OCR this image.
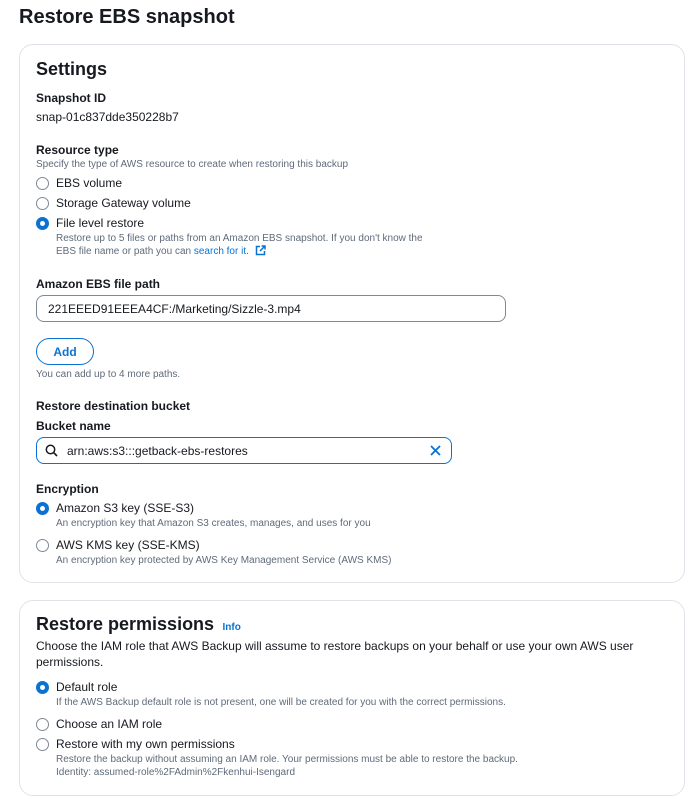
Restore EBS snapshot
Settings
Snapshot ID
snap-01c837dde350228b7
Resource type
Specify the type of AWS resource to create when restoring this backup
EBS volume
Storage Gateway volume
File level restore
Restore up to 5 files or paths from an Amazon EBS snapshot. If you don't know the
EBS file name or path you can search for it.
Amazon EBS file path
221EEED91EEEA4CF:/Marketing/Sizzle-3.mp4
Add
You can add up to 4 more paths.
Restore destination bucket
Bucket name
arn:aws:s3:::getback-ebs-restores
Encryption
Amazon S3 key (SSE-S3)
An encryption key that Amazon S3 creates, manages, and uses for you
AWS KMS key (SSE-KMS)
An encryption key protected by AWS Key Management Service (AWS KMS)
Restore permissions Info
Choose the IAM role that AWS Backup will assume to restore backups on your behalf or use your own AWS user
permissions.
Default role
If the AWS Backup default role is not present, one will be created for you with the correct permissions.
Choose an IAM role
Restore with my own permissions
Restore the backup without assuming an IAM role. Your permissions must be able to restore the backup.
Identity: assumed-role%2FAdmin%2Fkenhui-Isengard
